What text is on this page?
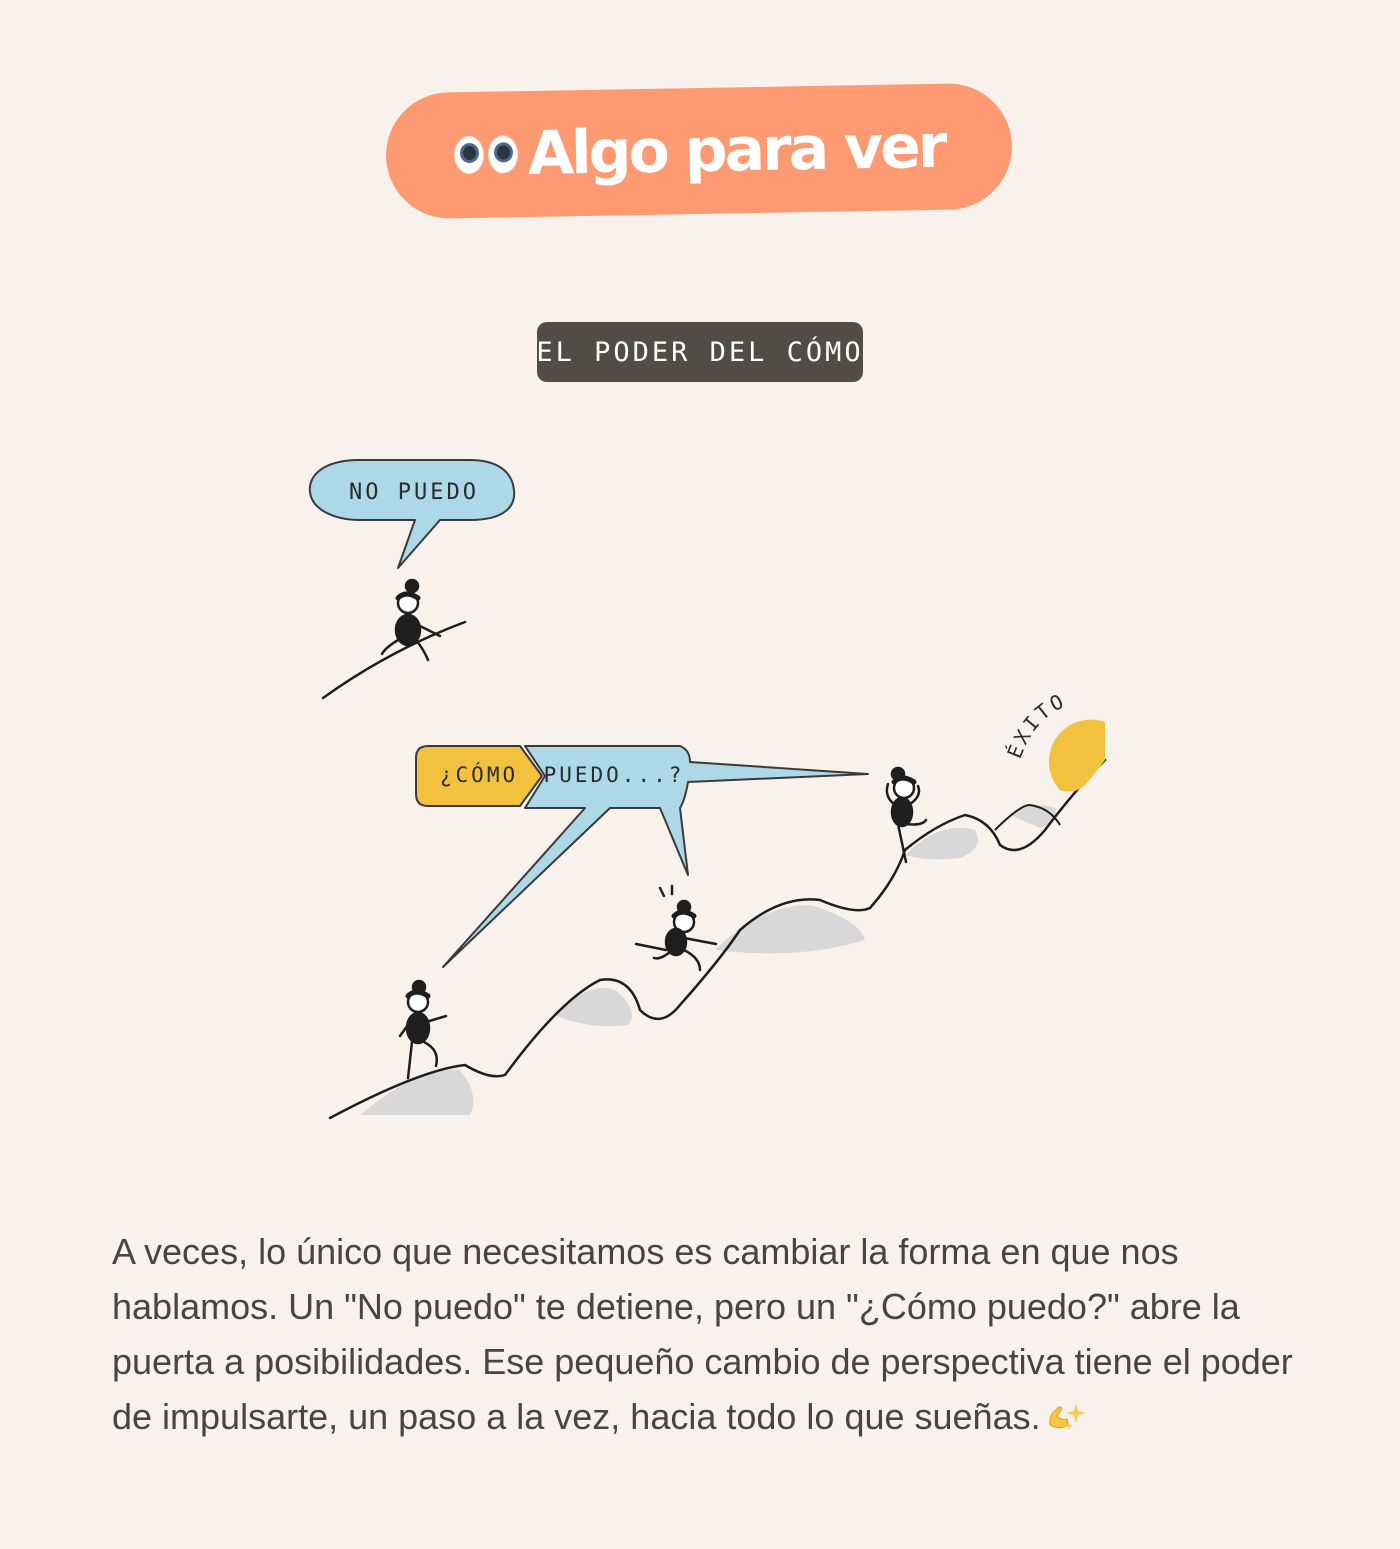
Algo para ver
EL PODER DEL CÓMO
NO PUEDO
ÉXITO
¿CÓMO PUEDO...?

A veces, lo único que necesitamos es cambiar la forma en que nos hablamos. Un "No puedo" te detiene, pero un "¿Cómo puedo?" abre la puerta a posibilidades. Ese pequeño cambio de perspectiva tiene el poder de impulsarte, un paso a la vez, hacia todo lo que sueñas.
